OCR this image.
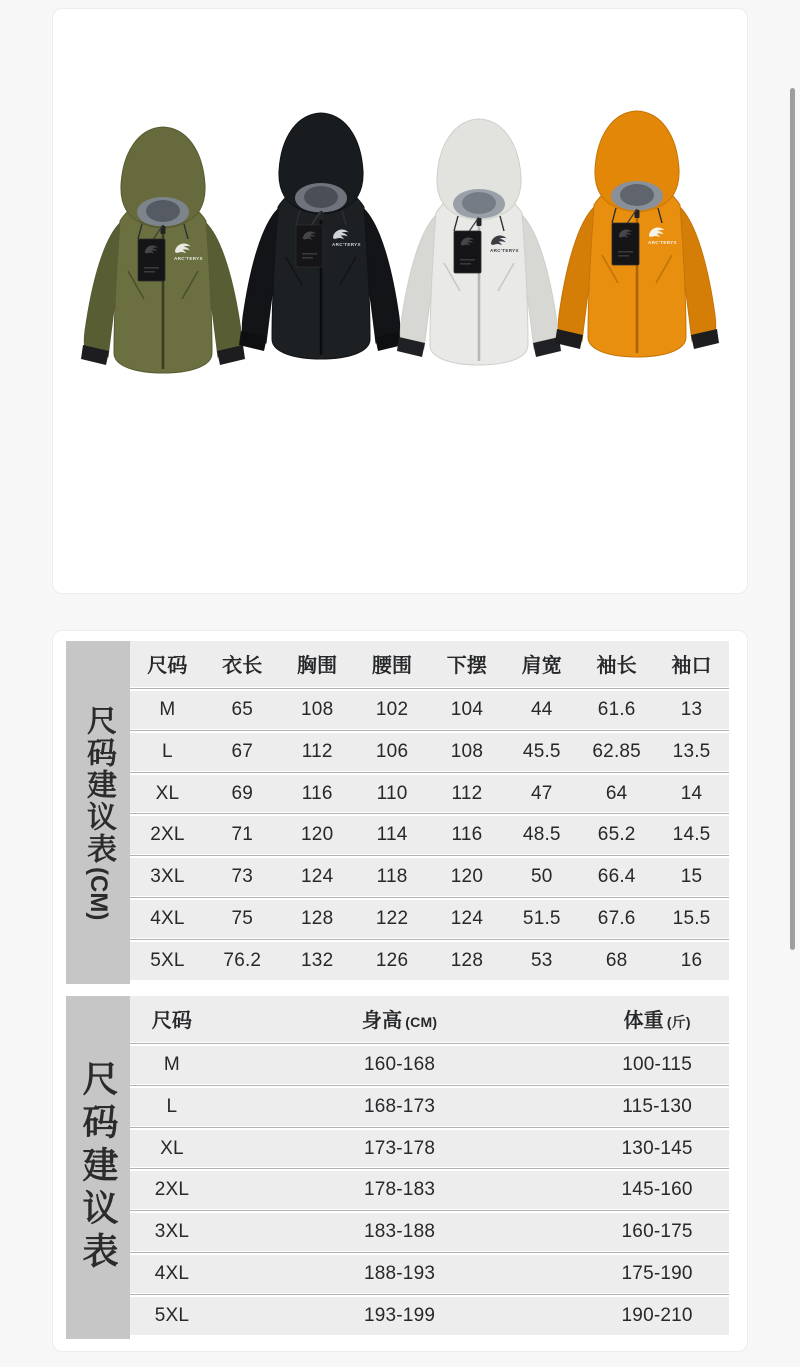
ARC'TERYX
ARC'TERYX
ARC'TERYX
ARC'TERYX
尺码建议表
(CM)
尺码	衣长	胸围	腰围	下摆	肩宽	袖长	袖口
M	65	108	102	104	44	61.6	13
L	67	112	106	108	45.5	62.85	13.5
XL	69	116	110	112	47	64	14
2XL	71	120	114	116	48.5	65.2	14.5
3XL	73	124	118	120	50	66.4	15
4XL	75	128	122	124	51.5	67.6	15.5
5XL	76.2	132	126	128	53	68	16
尺码建议表
尺码	身高 (CM)	体重 (斤)
M	160-168	100-115
L	168-173	115-130
XL	173-178	130-145
2XL	178-183	145-160
3XL	183-188	160-175
4XL	188-193	175-190
5XL	193-199	190-210
